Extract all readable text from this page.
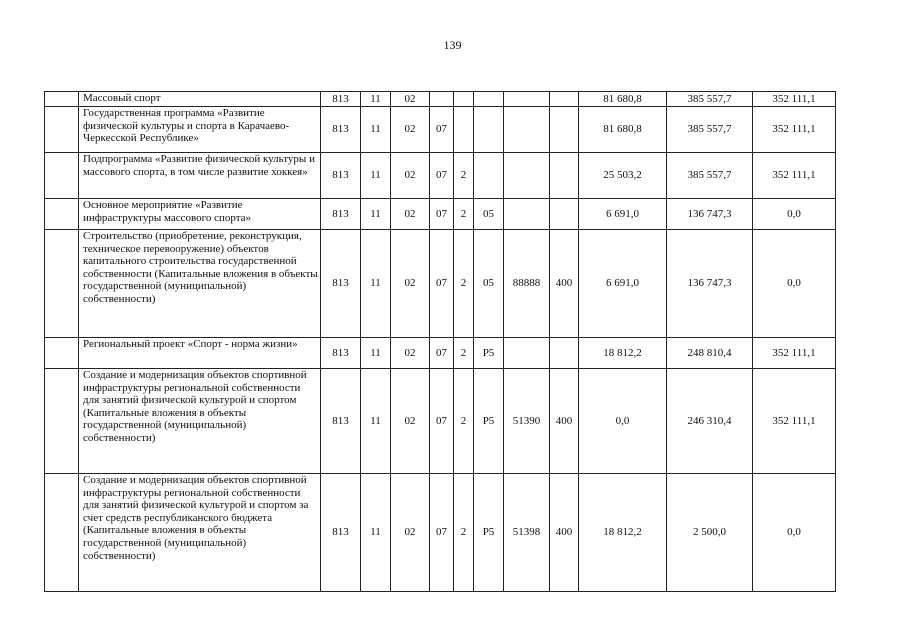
139
	Массовый спорт	813	11	02						81 680,8	385 557,7	352 111,1
	Государственная программа «Развитие физической культуры и спорта в Карачаево-Черкесской Республике»	813	11	02	07					81 680,8	385 557,7	352 111,1
	Подпрограмма «Развитие физической культуры и массового спорта, в том числе развитие хоккея»	813	11	02	07	2				25 503,2	385 557,7	352 111,1
	Основное мероприятие «Развитие инфраструктуры массового спорта»	813	11	02	07	2	05			6 691,0	136 747,3	0,0
	Строительство (приобретение, реконструкция, техническое перевооружение) объектов капитального строительства государственной собственности (Капитальные вложения в объекты государственной (муниципальной) собственности)	813	11	02	07	2	05	88888	400	6 691,0	136 747,3	0,0
	Региональный проект «Спорт - норма жизни»	813	11	02	07	2	P5			18 812,2	248 810,4	352 111,1
	Создание и модернизация объектов спортивной инфраструктуры региональной собственности для занятий физической культурой и спортом (Капитальные вложения в объекты государственной (муниципальной) собственности)	813	11	02	07	2	P5	51390	400	0,0	246 310,4	352 111,1
	Создание и модернизация объектов спортивной инфраструктуры региональной собственности для занятий физической культурой и спортом за счет средств республиканского бюджета (Капитальные вложения в объекты государственной (муниципальной) собственности)	813	11	02	07	2	P5	51398	400	18 812,2	2 500,0	0,0
